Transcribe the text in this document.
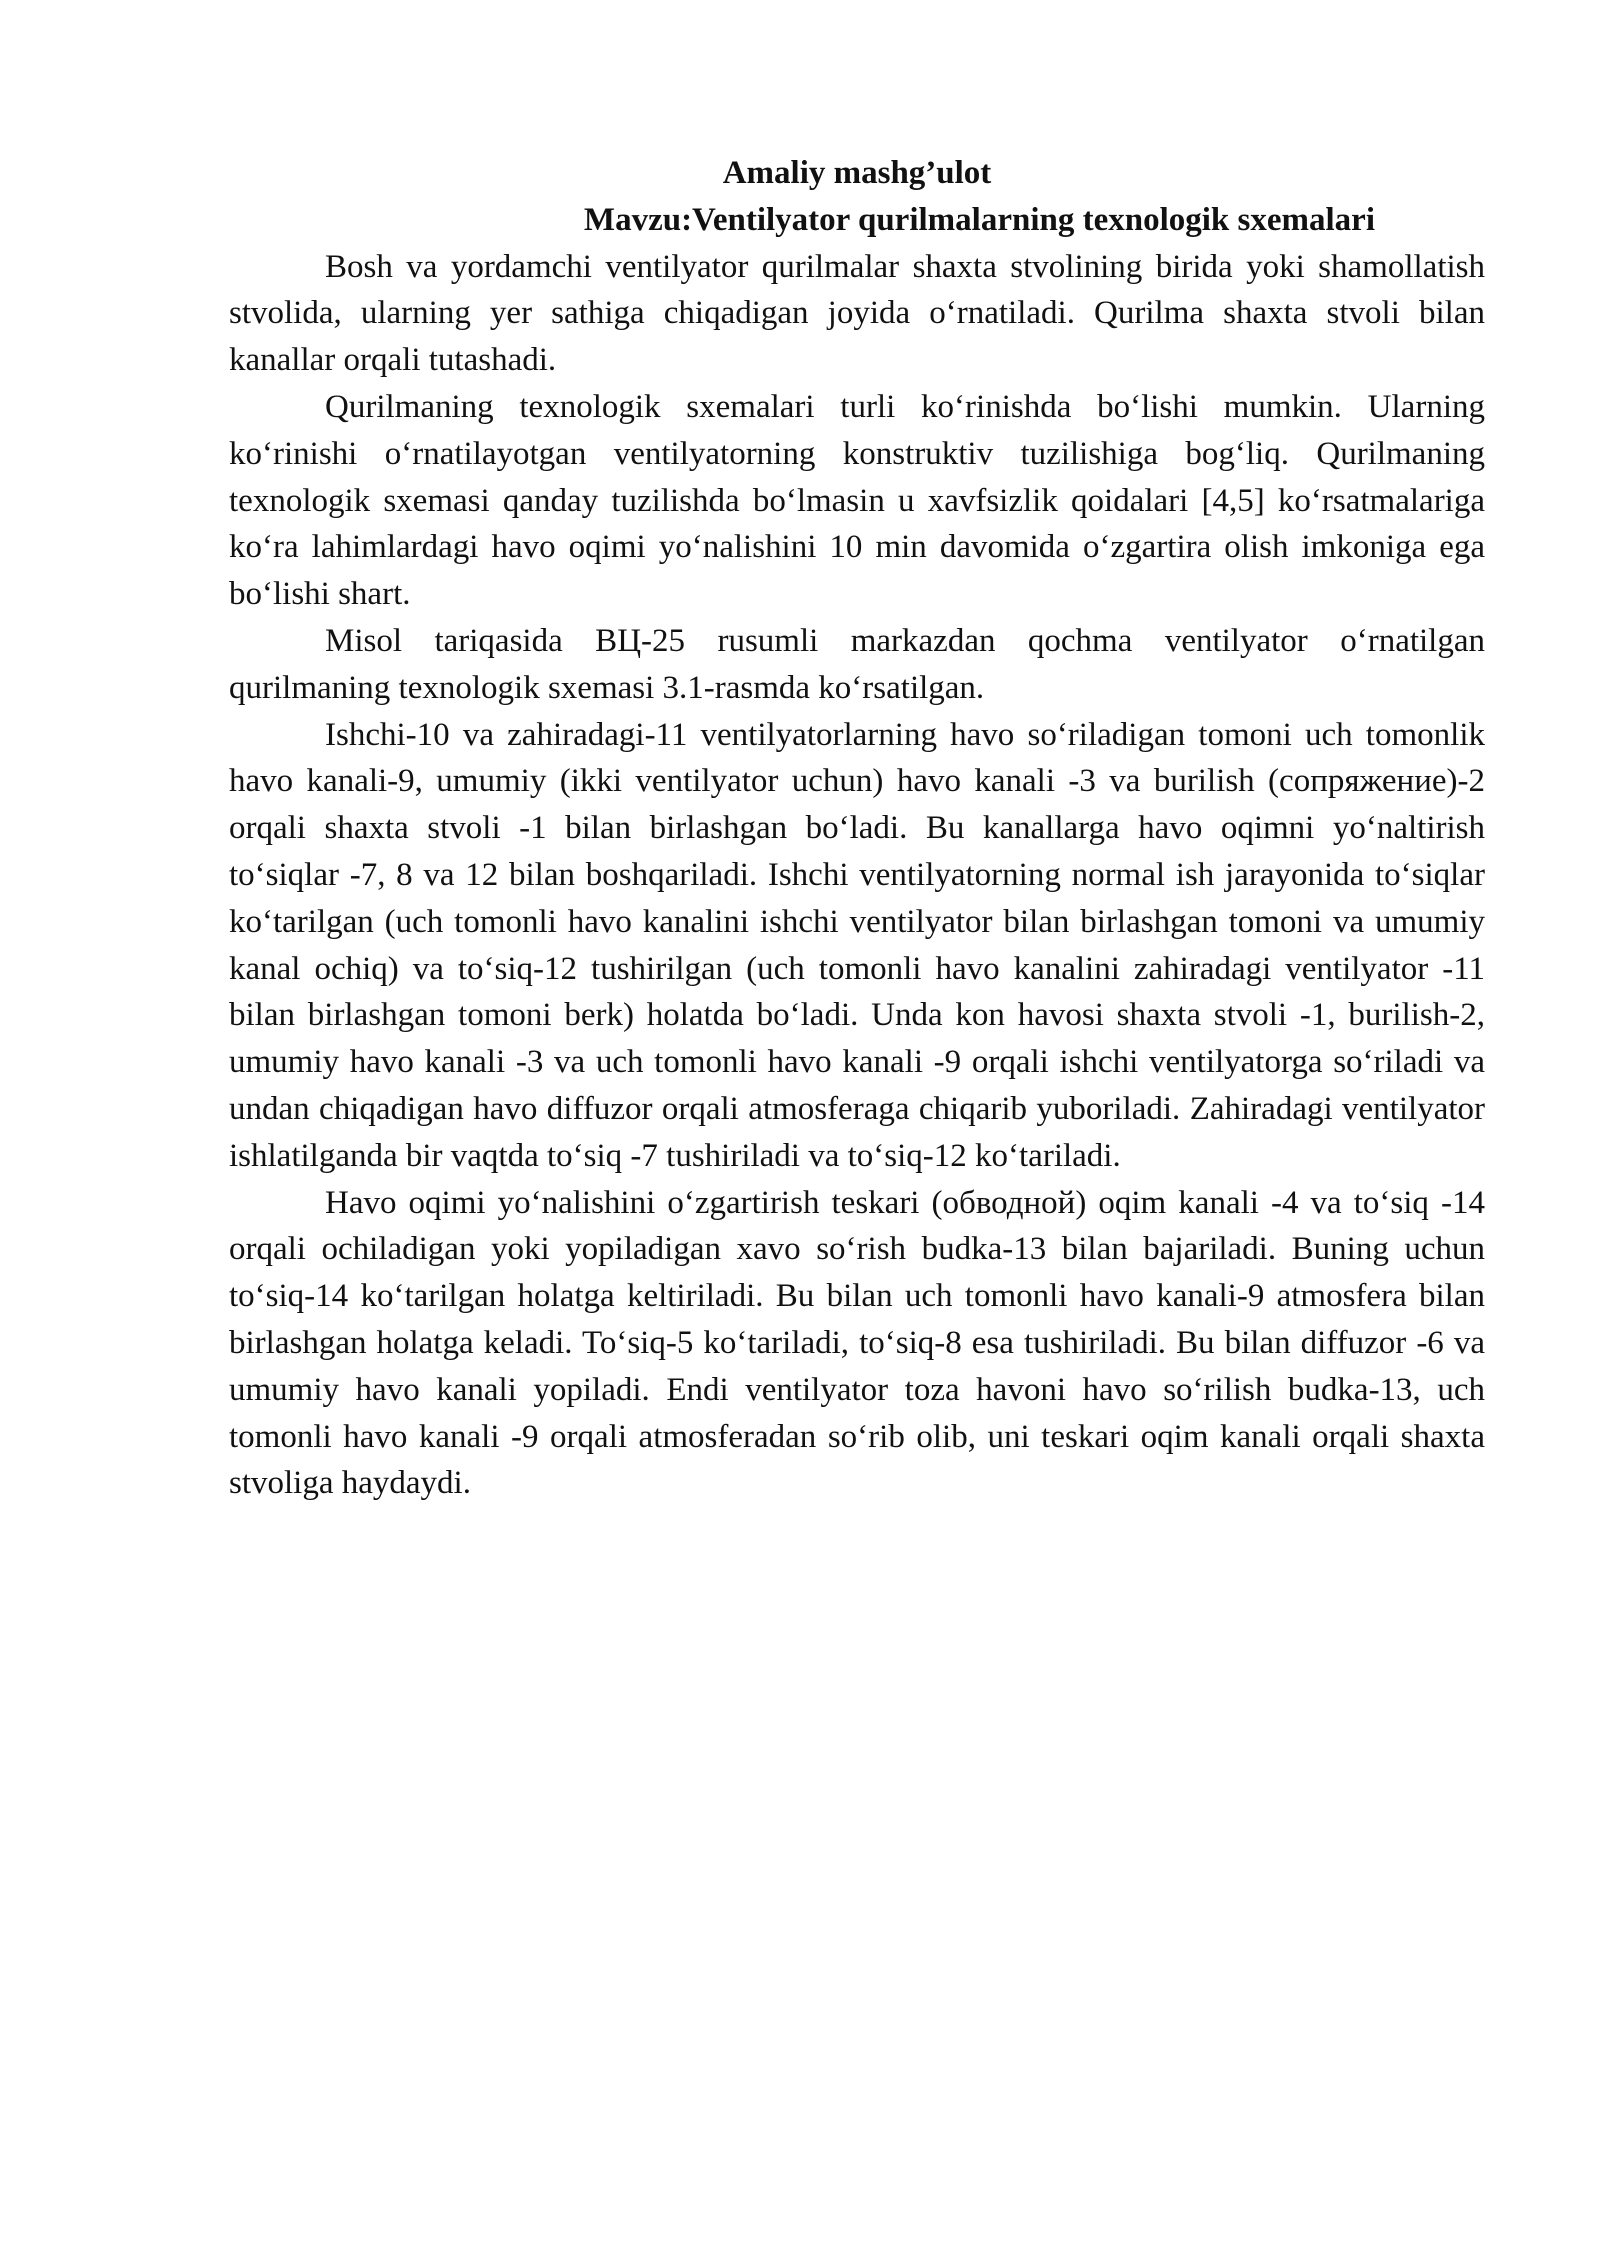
Amaliy mashg’ulot
Mavzu:Ventilyator qurilmalarning texnologik sxemalari

Bosh va yordamchi ventilyator qurilmalar shaxta stvolining birida yoki shamollatish stvolida, ularning yer sathiga chiqadigan joyida o‘rnatiladi. Qurilma shaxta stvoli bilan kanallar orqali tutashadi.

Qurilmaning texnologik sxemalari turli ko‘rinishda bo‘lishi mumkin. Ularning ko‘rinishi o‘rnatilayotgan ventilyatorning konstruktiv tuzilishiga bog‘liq. Qurilmaning texnologik sxemasi qanday tuzilishda bo‘lmasin u xavfsizlik qoidalari [4,5] ko‘rsatmalariga ko‘ra lahimlardagi havo oqimi yo‘nalishini 10 min davomida o‘zgartira olish imkoniga ega bo‘lishi shart.

Misol tariqasida ВЦ-25 rusumli markazdan qochma ventilyator o‘rnatilgan qurilmaning texnologik sxemasi 3.1-rasmda ko‘rsatilgan.

Ishchi-10 va zahiradagi-11 ventilyatorlarning havo so‘riladigan tomoni uch tomonlik havo kanali-9, umumiy (ikki ventilyator uchun) havo kanali -3 va burilish (сопряжение)-2 orqali shaxta stvoli -1 bilan birlashgan bo‘ladi. Bu kanallarga havo oqimni yo‘naltirish to‘siqlar -7, 8 va 12 bilan boshqariladi. Ishchi ventilyatorning normal ish jarayonida to‘siqlar ko‘tarilgan (uch tomonli havo kanalini ishchi ventilyator bilan birlashgan tomoni va umumiy kanal ochiq) va to‘siq-12 tushirilgan (uch tomonli havo kanalini zahiradagi ventilyator -11 bilan birlashgan tomoni berk) holatda bo‘ladi. Unda kon havosi shaxta stvoli -1, burilish-2, umumiy havo kanali -3 va uch tomonli havo kanali -9 orqali ishchi ventilyatorga so‘riladi va undan chiqadigan havo diffuzor orqali atmosferaga chiqarib yuboriladi. Zahiradagi ventilyator ishlatilganda bir vaqtda to‘siq -7 tushiriladi va to‘siq-12 ko‘tariladi.

Havo oqimi yo‘nalishini o‘zgartirish teskari (обводной) oqim kanali -4 va to‘siq -14 orqali ochiladigan yoki yopiladigan xavo so‘rish budka-13 bilan bajariladi. Buning uchun to‘siq-14 ko‘tarilgan holatga keltiriladi. Bu bilan uch tomonli havo kanali-9 atmosfera bilan birlashgan holatga keladi. To‘siq-5 ko‘tariladi, to‘siq-8 esa tushiriladi. Bu bilan diffuzor -6 va umumiy havo kanali yopiladi. Endi ventilyator toza havoni havo so‘rilish budka-13, uch tomonli havo kanali -9 orqali atmosferadan so‘rib olib, uni teskari oqim kanali orqali shaxta stvoliga haydaydi.
